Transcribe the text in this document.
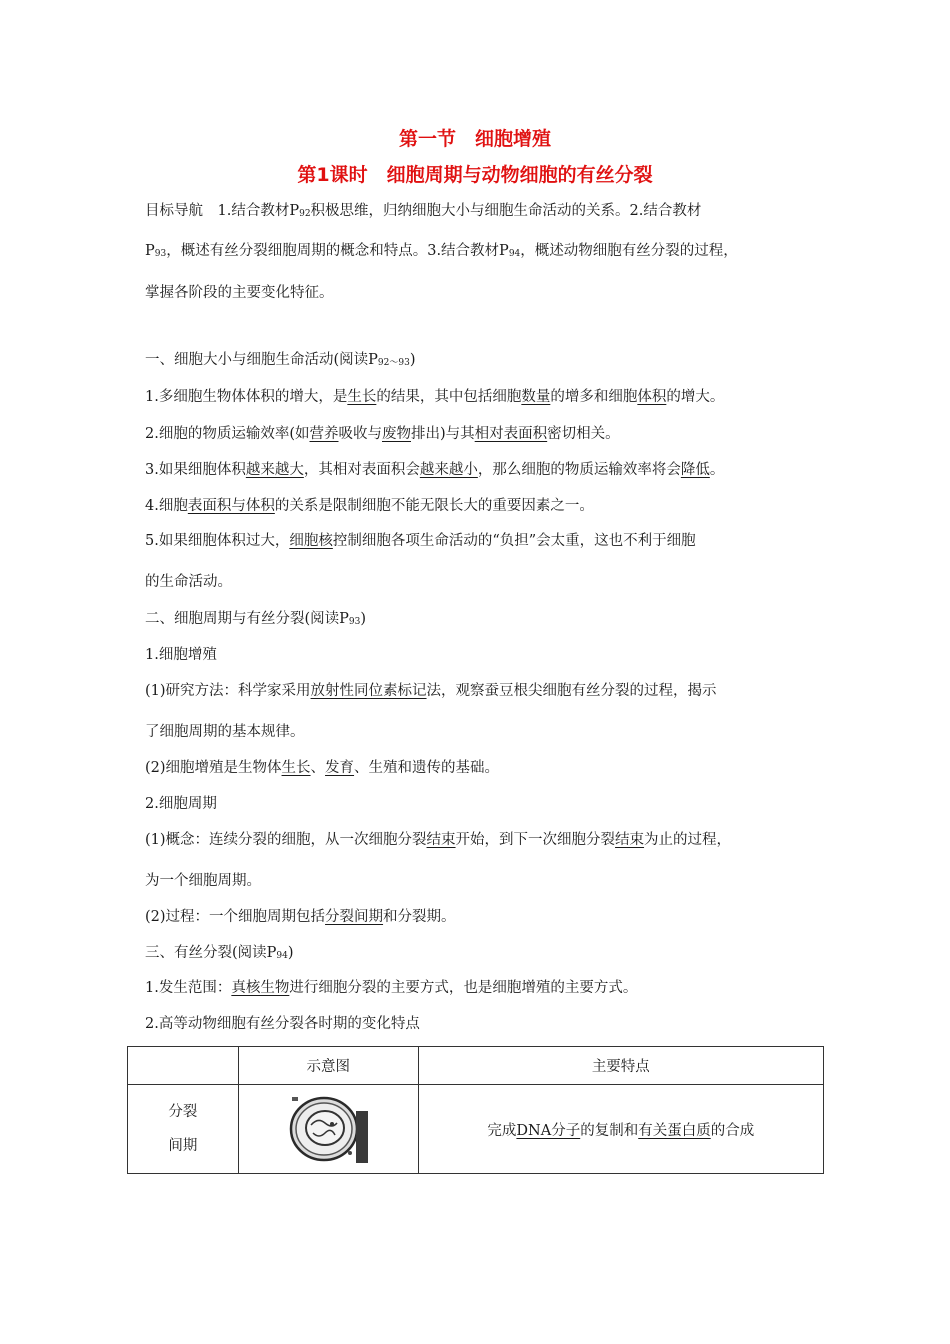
第一节　细胞增殖
第1课时　细胞周期与动物细胞的有丝分裂
目标导航　1.结合教材$P_{92}$积极思维，归纳细胞大小与细胞生命活动的关系。2.结合教材
$P_{93}$，概述有丝分裂细胞周期的概念和特点。3.结合教材$P_{94}$，概述动物细胞有丝分裂的过程，
掌握各阶段的主要变化特征。
一、细胞大小与细胞生命活动(阅读$P_{92\sim 93}$)
1.多细胞生物体体积的增大，是生长的结果，其中包括细胞数量的增多和细胞体积的增大。
2.细胞的物质运输效率(如营养吸收与废物排出)与其相对表面积密切相关。
3.如果细胞体积越来越大，其相对表面积会越来越小，那么细胞的物质运输效率将会降低。
4.细胞表面积与体积的关系是限制细胞不能无限长大的重要因素之一。
5.如果细胞体积过大，细胞核控制细胞各项生命活动的“负担”会太重，这也不利于细胞
的生命活动。
二、细胞周期与有丝分裂(阅读$P_{93}$)
1.细胞增殖
(1)研究方法：科学家采用放射性同位素标记法，观察蚕豆根尖细胞有丝分裂的过程，揭示
了细胞周期的基本规律。
(2)细胞增殖是生物体生长、发育、生殖和遗传的基础。
2.细胞周期
(1)概念：连续分裂的细胞，从一次细胞分裂结束开始，到下一次细胞分裂结束为止的过程，
为一个细胞周期。
(2)过程：一个细胞周期包括分裂间期和分裂期。
三、有丝分裂(阅读$P_{94}$)
1.发生范围：真核生物进行细胞分裂的主要方式，也是细胞增殖的主要方式。
2.高等动物细胞有丝分裂各时期的变化特点
	示意图	主要特点

分裂
间期		完成DNA分子的复制和有关蛋白质的合成
